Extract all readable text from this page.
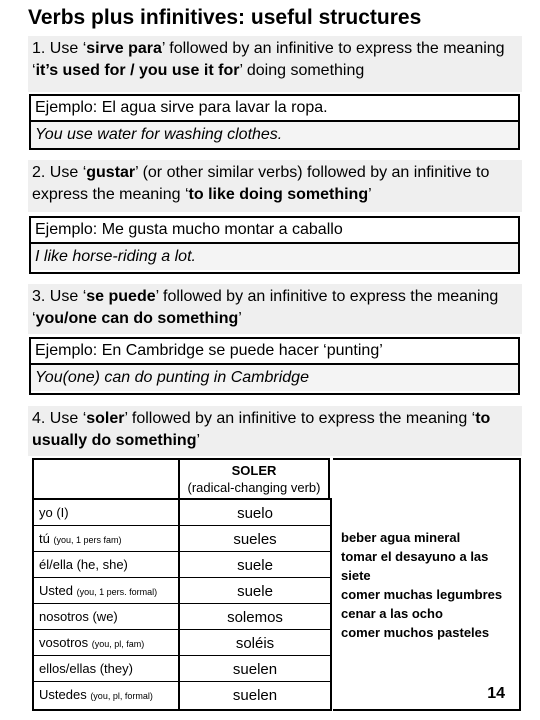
Verbs plus infinitives: useful structures
1. Use ‘sirve para’ followed by an infinitive to express the meaning ‘it’s used for / you use it for’ doing something
Ejemplo: El agua sirve para lavar la ropa.
You use water for washing clothes.
2. Use ‘gustar’ (or other similar verbs) followed by an infinitive to express the meaning ‘to like doing something’
Ejemplo: Me gusta mucho montar a caballo
I like horse-riding a lot.
3. Use ‘se puede’ followed by an infinitive to express the meaning ‘you/one can do something’
Ejemplo: En Cambridge se puede hacer ‘punting’
You(one) can do punting in Cambridge
4. Use ‘soler’ followed by an infinitive to express the meaning ‘to usually do something’
SOLER
(radical-changing verb)
yo (I)	suelo
tú (you, 1 pers fam)	sueles
él/ella (he, she)	suele
Usted (you, 1 pers. formal)	suele
nosotros (we)	solemos
vosotros (you, pl, fam)	soléis
ellos/ellas (they)	suelen
Ustedes (you, pl, formal)	suelen
beber agua mineral
tomar el desayuno a las siete
comer muchas legumbres
cenar a las ocho
comer muchos pasteles
14
